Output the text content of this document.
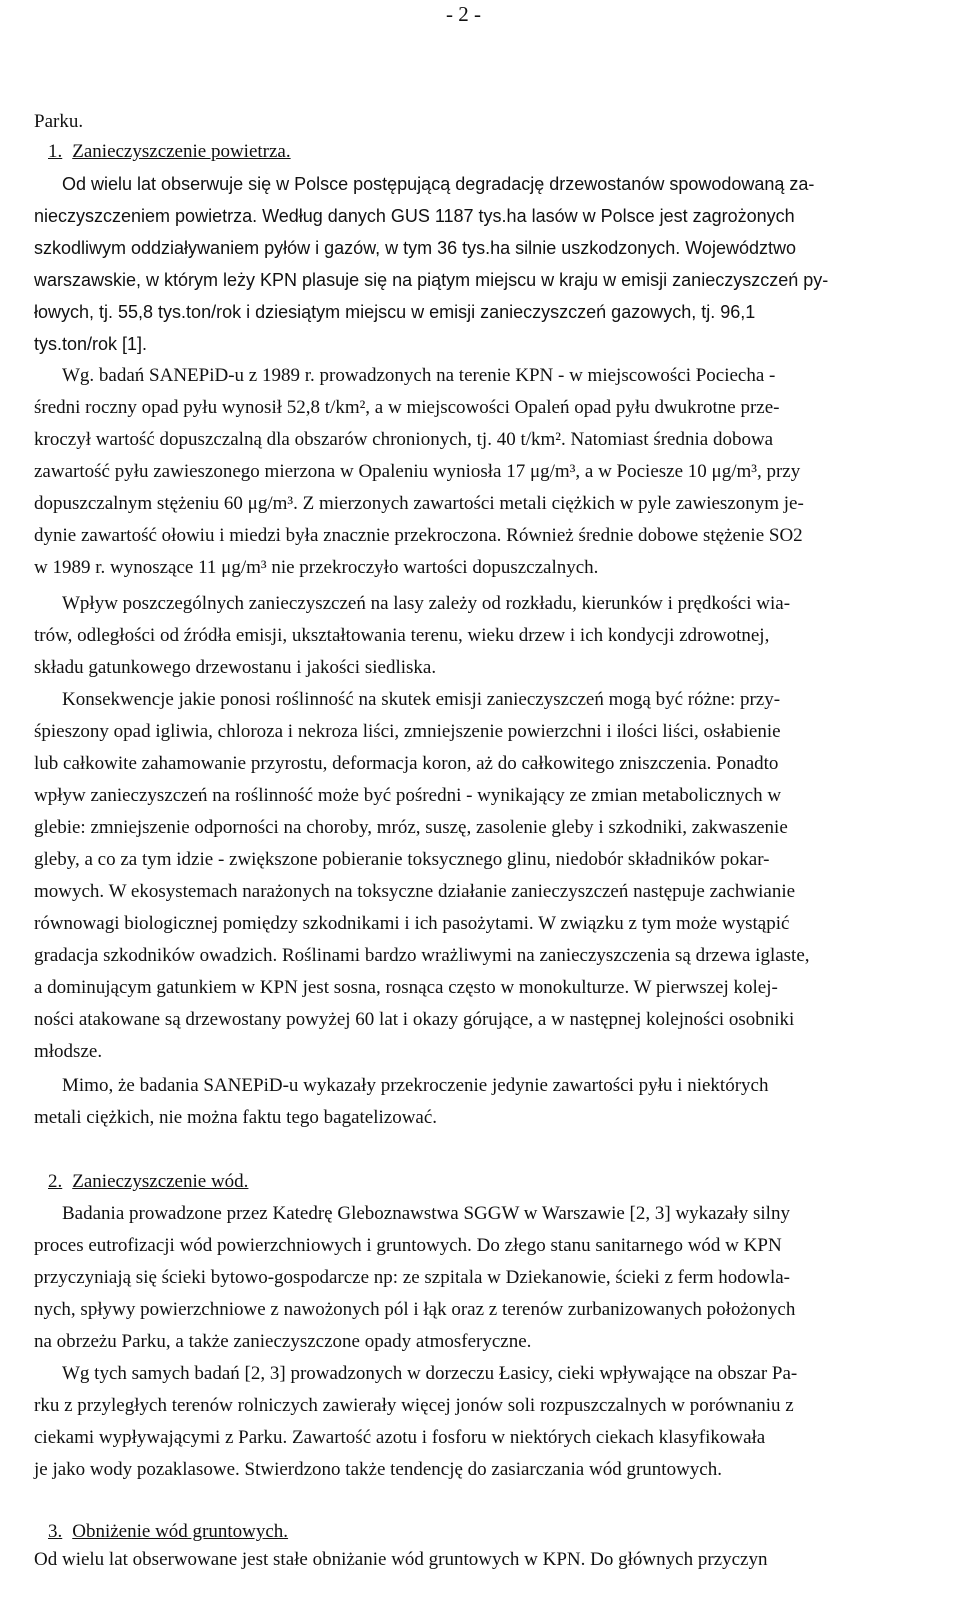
- 2 -
Parku.
1. Zanieczyszczenie powietrza.
Od wielu lat obserwuje się w Polsce postępującą degradację drzewostanów spowodowaną za-
nieczyszczeniem powietrza. Według danych GUS 1187 tys.ha lasów w Polsce jest zagrożonych
szkodliwym oddziaływaniem pyłów i gazów, w tym 36 tys.ha silnie uszkodzonych. Województwo
warszawskie, w którym leży KPN plasuje się na piątym miejscu w kraju w emisji zanieczyszczeń py-
łowych, tj. 55,8 tys.ton/rok i dziesiątym miejscu w emisji zanieczyszczeń gazowych, tj. 96,1
tys.ton/rok [1].
Wg. badań SANEPiD-u z 1989 r. prowadzonych na terenie KPN - w miejscowości Pociecha -
średni roczny opad pyłu wynosił 52,8 t/km², a w miejscowości Opaleń opad pyłu dwukrotne prze-
kroczył wartość dopuszczalną dla obszarów chronionych, tj. 40 t/km². Natomiast średnia dobowa
zawartość pyłu zawieszonego mierzona w Opaleniu wyniosła 17 μg/m³, a w Pociesze 10 μg/m³, przy
dopuszczalnym stężeniu 60 μg/m³. Z mierzonych zawartości metali ciężkich w pyle zawieszonym je-
dynie zawartość ołowiu i miedzi była znacznie przekroczona. Również średnie dobowe stężenie SO2
w 1989 r. wynoszące 11 μg/m³ nie przekroczyło wartości dopuszczalnych.
Wpływ poszczególnych zanieczyszczeń na lasy zależy od rozkładu, kierunków i prędkości wia-
trów, odległości od źródła emisji, ukształtowania terenu, wieku drzew i ich kondycji zdrowotnej,
składu gatunkowego drzewostanu i jakości siedliska.
Konsekwencje jakie ponosi roślinność na skutek emisji zanieczyszczeń mogą być różne: przy-
śpieszony opad igliwia, chloroza i nekroza liści, zmniejszenie powierzchni i ilości liści, osłabienie
lub całkowite zahamowanie przyrostu, deformacja koron, aż do całkowitego zniszczenia. Ponadto
wpływ zanieczyszczeń na roślinność może być pośredni - wynikający ze zmian metabolicznych w
glebie: zmniejszenie odporności na choroby, mróz, suszę, zasolenie gleby i szkodniki, zakwaszenie
gleby, a co za tym idzie - zwiększone pobieranie toksycznego glinu, niedobór składników pokar-
mowych. W ekosystemach narażonych na toksyczne działanie zanieczyszczeń następuje zachwianie
równowagi biologicznej pomiędzy szkodnikami i ich pasożytami. W związku z tym może wystąpić
gradacja szkodników owadzich. Roślinami bardzo wrażliwymi na zanieczyszczenia są drzewa iglaste,
a dominującym gatunkiem w KPN jest sosna, rosnąca często w monokulturze. W pierwszej kolej-
ności atakowane są drzewostany powyżej 60 lat i okazy górujące, a w następnej kolejności osobniki
młodsze.
Mimo, że badania SANEPiD-u wykazały przekroczenie jedynie zawartości pyłu i niektórych
metali ciężkich, nie można faktu tego bagatelizować.
2. Zanieczyszczenie wód.
Badania prowadzone przez Katedrę Gleboznawstwa SGGW w Warszawie [2, 3] wykazały silny
proces eutrofizacji wód powierzchniowych i gruntowych. Do złego stanu sanitarnego wód w KPN
przyczyniają się ścieki bytowo-gospodarcze np: ze szpitala w Dziekanowie, ścieki z ferm hodowla-
nych, spływy powierzchniowe z nawożonych pól i łąk oraz z terenów zurbanizowanych położonych
na obrzeżu Parku, a także zanieczyszczone opady atmosferyczne.
Wg tych samych badań [2, 3] prowadzonych w dorzeczu Łasicy, cieki wpływające na obszar Pa-
rku z przyległych terenów rolniczych zawierały więcej jonów soli rozpuszczalnych w porównaniu z
ciekami wypływającymi z Parku. Zawartość azotu i fosforu w niektórych ciekach klasyfikowała
je jako wody pozaklasowe. Stwierdzono także tendencję do zasiarczania wód gruntowych.
3. Obniżenie wód gruntowych.
Od wielu lat obserwowane jest stałe obniżanie wód gruntowych w KPN. Do głównych przyczyn
